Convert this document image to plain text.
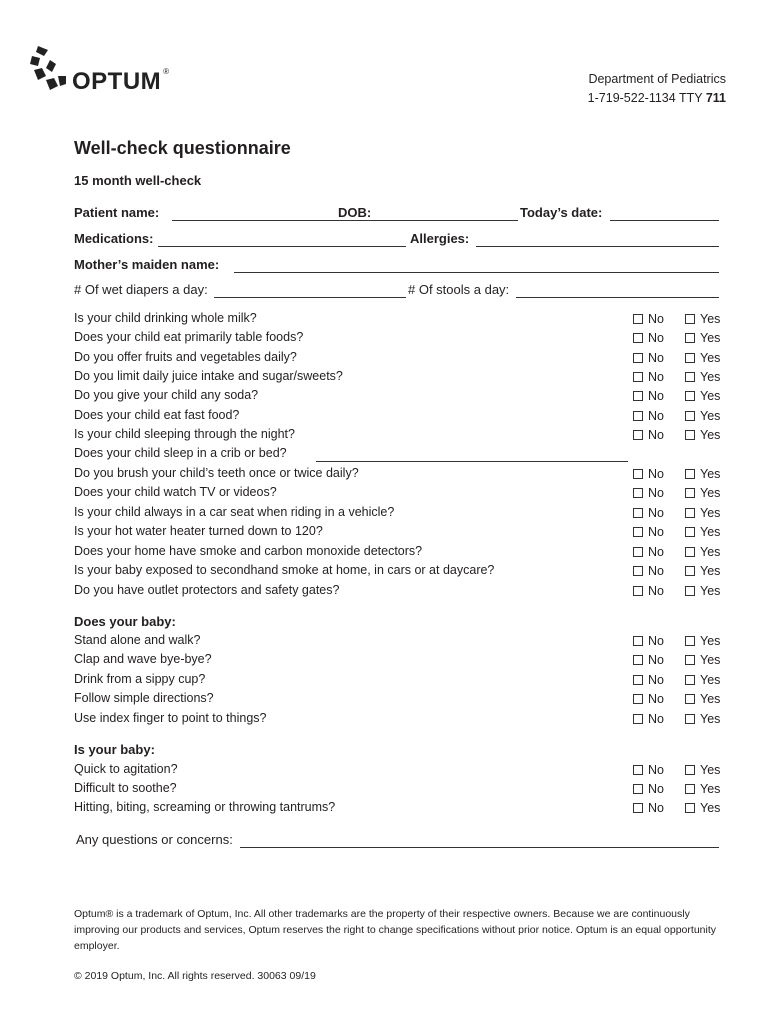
OPTUM ®
Department of Pediatrics
1-719-522-1134 TTY 711
Well-check questionnaire
15 month well-check
Patient name:	DOB:	Today’s date:
Medications:	Allergies:
Mother’s maiden name:
# Of wet diapers a day:	# Of stools a day:
Is your child drinking whole milk?	No	Yes
Does your child eat primarily table foods?	No	Yes
Do you offer fruits and vegetables daily?	No	Yes
Do you limit daily juice intake and sugar/sweets?	No	Yes
Do you give your child any soda?	No	Yes
Does your child eat fast food?	No	Yes
Is your child sleeping through the night?	No	Yes
Does your child sleep in a crib or bed?
Do you brush your child’s teeth once or twice daily?	No	Yes
Does your child watch TV or videos?	No	Yes
Is your child always in a car seat when riding in a vehicle?	No	Yes
Is your hot water heater turned down to 120?	No	Yes
Does your home have smoke and carbon monoxide detectors?	No	Yes
Is your baby exposed to secondhand smoke at home, in cars or at daycare?	No	Yes
Do you have outlet protectors and safety gates?	No	Yes
Does your baby:
Stand alone and walk?	No	Yes
Clap and wave bye-bye?	No	Yes
Drink from a sippy cup?	No	Yes
Follow simple directions?	No	Yes
Use index finger to point to things?	No	Yes
Is your baby:
Quick to agitation?	No	Yes
Difficult to soothe?	No	Yes
Hitting, biting, screaming or throwing tantrums?	No	Yes
Any questions or concerns:
Optum® is a trademark of Optum, Inc. All other trademarks are the property of their respective owners. Because we are continuously improving our products and services, Optum reserves the right to change specifications without prior notice. Optum is an equal opportunity employer.
© 2019 Optum, Inc. All rights reserved. 30063 09/19
